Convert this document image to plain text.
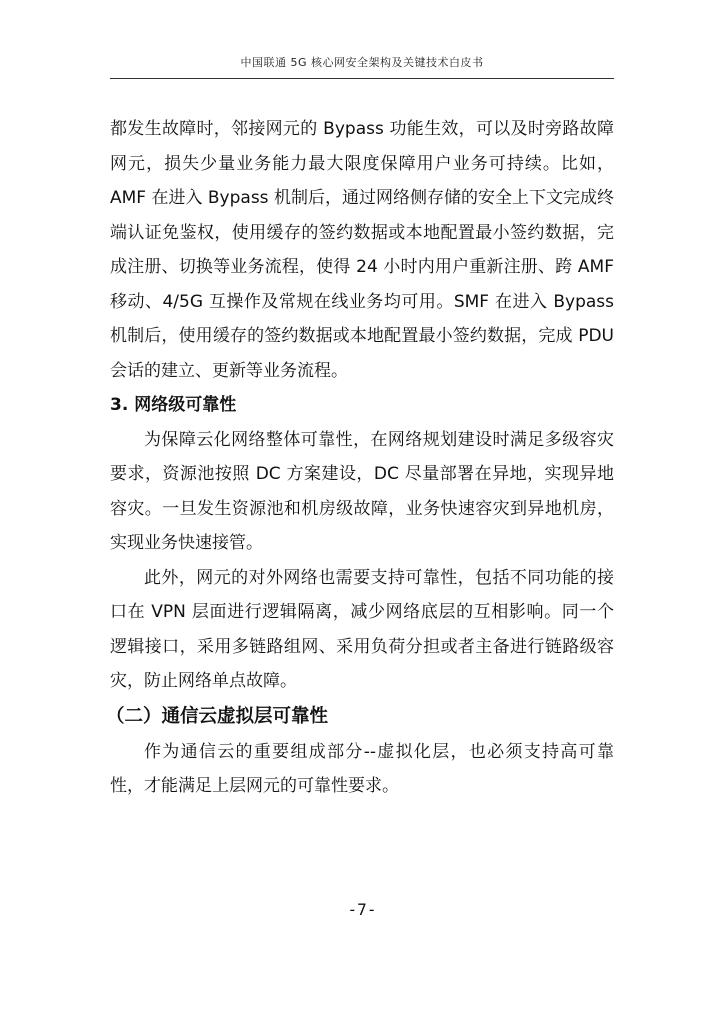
中国联通 5G 核心网安全架构及关键技术白皮书

都发生故障时，邻接网元的 Bypass 功能生效，可以及时旁路故障网元，损失少量业务能力最大限度保障用户业务可持续。比如，AMF 在进入 Bypass 机制后，通过网络侧存储的安全上下文完成终端认证免鉴权，使用缓存的签约数据或本地配置最小签约数据，完成注册、切换等业务流程，使得 24 小时内用户重新注册、跨 AMF 移动、4/5G 互操作及常规在线业务均可用。SMF 在进入 Bypass 机制后，使用缓存的签约数据或本地配置最小签约数据，完成 PDU 会话的建立、更新等业务流程。

3. 网络级可靠性

为保障云化网络整体可靠性，在网络规划建设时满足多级容灾要求，资源池按照 DC 方案建设，DC 尽量部署在异地，实现异地容灾。一旦发生资源池和机房级故障，业务快速容灾到异地机房，实现业务快速接管。

此外，网元的对外网络也需要支持可靠性，包括不同功能的接口在 VPN 层面进行逻辑隔离，减少网络底层的互相影响。同一个逻辑接口，采用多链路组网、采用负荷分担或者主备进行链路级容灾，防止网络单点故障。

（二）通信云虚拟层可靠性

作为通信云的重要组成部分--虚拟化层，也必须支持高可靠性，才能满足上层网元的可靠性要求。

-7-
